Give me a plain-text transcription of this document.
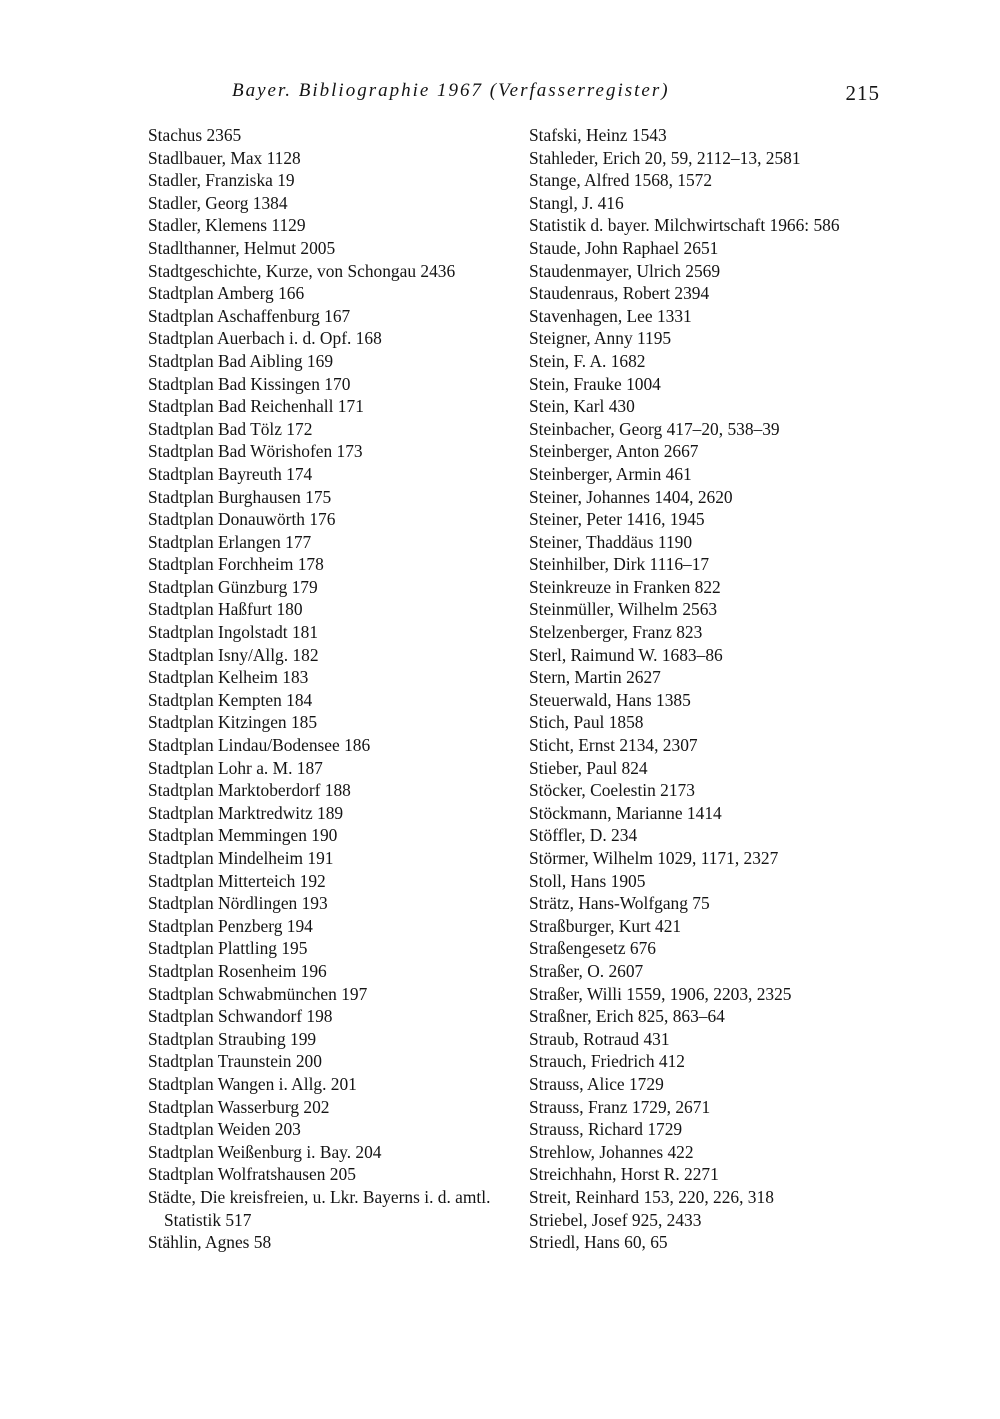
Bayer. Bibliographie 1967 (Verfasserregister)	215
Stachus 2365
Stadlbauer, Max 1128
Stadler, Franziska 19
Stadler, Georg 1384
Stadler, Klemens 1129
Stadlthanner, Helmut 2005
Stadtgeschichte, Kurze, von Schongau 2436
Stadtplan Amberg 166
Stadtplan Aschaffenburg 167
Stadtplan Auerbach i. d. Opf. 168
Stadtplan Bad Aibling 169
Stadtplan Bad Kissingen 170
Stadtplan Bad Reichenhall 171
Stadtplan Bad Tölz 172
Stadtplan Bad Wörishofen 173
Stadtplan Bayreuth 174
Stadtplan Burghausen 175
Stadtplan Donauwörth 176
Stadtplan Erlangen 177
Stadtplan Forchheim 178
Stadtplan Günzburg 179
Stadtplan Haßfurt 180
Stadtplan Ingolstadt 181
Stadtplan Isny/Allg. 182
Stadtplan Kelheim 183
Stadtplan Kempten 184
Stadtplan Kitzingen 185
Stadtplan Lindau/Bodensee 186
Stadtplan Lohr a. M. 187
Stadtplan Marktoberdorf 188
Stadtplan Marktredwitz 189
Stadtplan Memmingen 190
Stadtplan Mindelheim 191
Stadtplan Mitterteich 192
Stadtplan Nördlingen 193
Stadtplan Penzberg 194
Stadtplan Plattling 195
Stadtplan Rosenheim 196
Stadtplan Schwabmünchen 197
Stadtplan Schwandorf 198
Stadtplan Straubing 199
Stadtplan Traunstein 200
Stadtplan Wangen i. Allg. 201
Stadtplan Wasserburg 202
Stadtplan Weiden 203
Stadtplan Weißenburg i. Bay. 204
Stadtplan Wolfratshausen 205
Städte, Die kreisfreien, u. Lkr. Bayerns i. d. amtl. Statistik 517
Stählin, Agnes 58
Stafski, Heinz 1543
Stahleder, Erich 20, 59, 2112–13, 2581
Stange, Alfred 1568, 1572
Stangl, J. 416
Statistik d. bayer. Milchwirtschaft 1966: 586
Staude, John Raphael 2651
Staudenmayer, Ulrich 2569
Staudenraus, Robert 2394
Stavenhagen, Lee 1331
Steigner, Anny 1195
Stein, F. A. 1682
Stein, Frauke 1004
Stein, Karl 430
Steinbacher, Georg 417–20, 538–39
Steinberger, Anton 2667
Steinberger, Armin 461
Steiner, Johannes 1404, 2620
Steiner, Peter 1416, 1945
Steiner, Thaddäus 1190
Steinhilber, Dirk 1116–17
Steinkreuze in Franken 822
Steinmüller, Wilhelm 2563
Stelzenberger, Franz 823
Sterl, Raimund W. 1683–86
Stern, Martin 2627
Steuerwald, Hans 1385
Stich, Paul 1858
Sticht, Ernst 2134, 2307
Stieber, Paul 824
Stöcker, Coelestin 2173
Stöckmann, Marianne 1414
Stöffler, D. 234
Störmer, Wilhelm 1029, 1171, 2327
Stoll, Hans 1905
Strätz, Hans-Wolfgang 75
Straßburger, Kurt 421
Straßengesetz 676
Straßer, O. 2607
Straßer, Willi 1559, 1906, 2203, 2325
Straßner, Erich 825, 863–64
Straub, Rotraud 431
Strauch, Friedrich 412
Strauss, Alice 1729
Strauss, Franz 1729, 2671
Strauss, Richard 1729
Strehlow, Johannes 422
Streichhahn, Horst R. 2271
Streit, Reinhard 153, 220, 226, 318
Striebel, Josef 925, 2433
Striedl, Hans 60, 65
